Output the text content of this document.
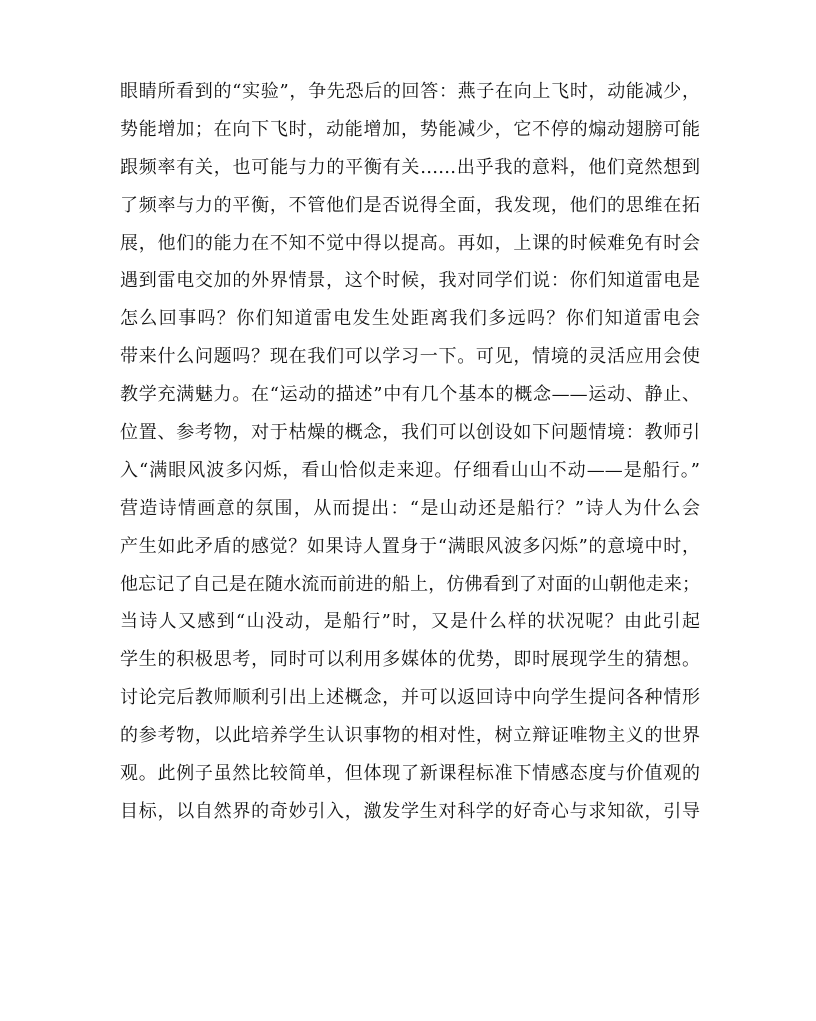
眼睛所看到的“实验”，争先恐后的回答：燕子在向上飞时，动能减少，
势能增加；在向下飞时，动能增加，势能减少，它不停的煽动翅膀可能
跟频率有关，也可能与力的平衡有关……出乎我的意料，他们竟然想到
了频率与力的平衡，不管他们是否说得全面，我发现，他们的思维在拓
展，他们的能力在不知不觉中得以提高。再如，上课的时候难免有时会
遇到雷电交加的外界情景，这个时候，我对同学们说：你们知道雷电是
怎么回事吗？你们知道雷电发生处距离我们多远吗？你们知道雷电会
带来什么问题吗？现在我们可以学习一下。可见，情境的灵活应用会使
教学充满魅力。在“运动的描述”中有几个基本的概念——运动、静止、
位置、参考物，对于枯燥的概念，我们可以创设如下问题情境：教师引
入“满眼风波多闪烁，看山恰似走来迎。仔细看山山不动——是船行。”
营造诗情画意的氛围，从而提出：“是山动还是船行？”诗人为什么会
产生如此矛盾的感觉？如果诗人置身于“满眼风波多闪烁”的意境中时，
他忘记了自己是在随水流而前进的船上，仿佛看到了对面的山朝他走来；
当诗人又感到“山没动，是船行”时，又是什么样的状况呢？由此引起
学生的积极思考，同时可以利用多媒体的优势，即时展现学生的猜想。
讨论完后教师顺利引出上述概念，并可以返回诗中向学生提问各种情形
的参考物，以此培养学生认识事物的相对性，树立辩证唯物主义的世界
观。此例子虽然比较简单，但体现了新课程标准下情感态度与价值观的
目标，以自然界的奇妙引入，激发学生对科学的好奇心与求知欲，引导
